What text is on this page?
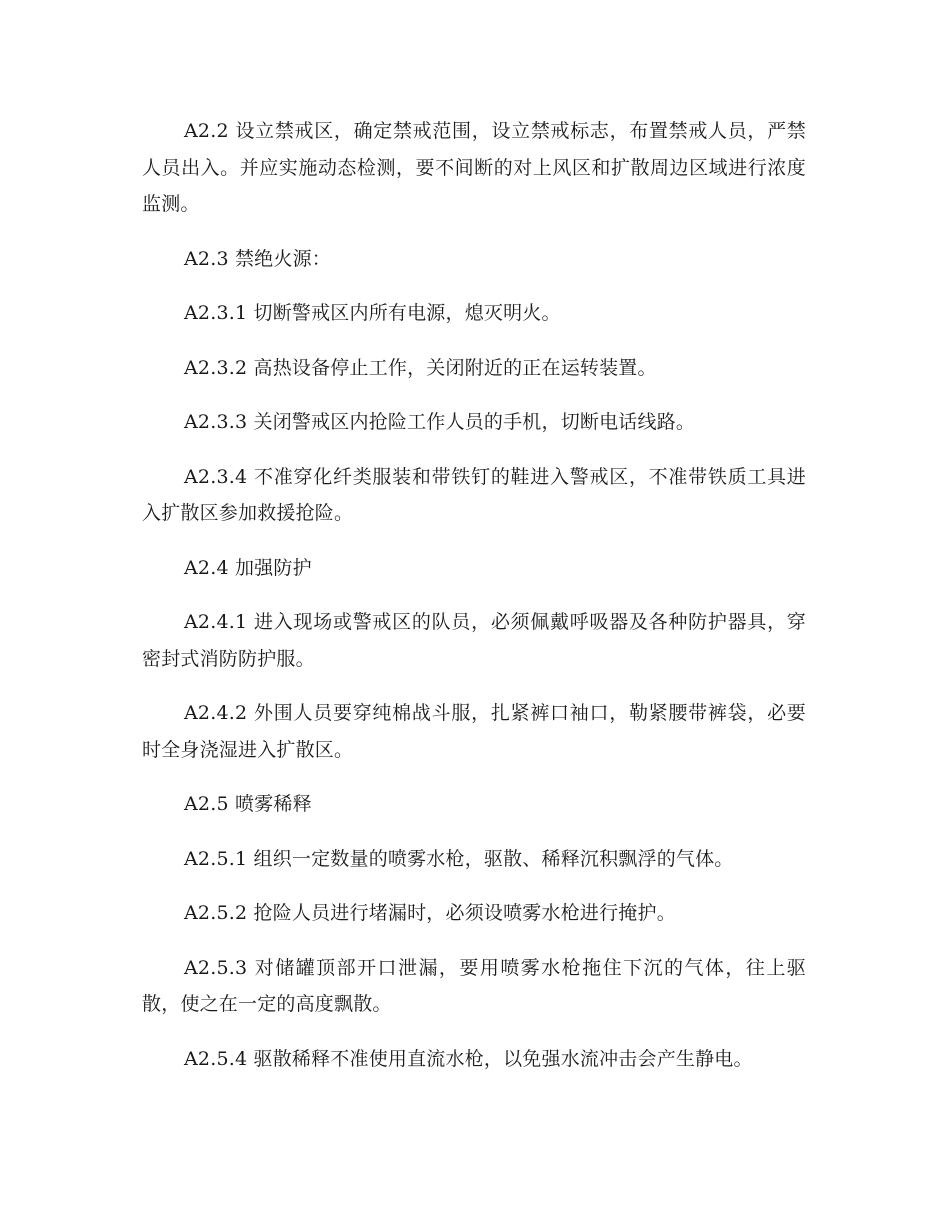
A2.2 设立禁戒区，确定禁戒范围，设立禁戒标志，布置禁戒人员，严禁人员出入。并应实施动态检测，要不间断的对上风区和扩散周边区域进行浓度监测。

A2.3 禁绝火源：

A2.3.1 切断警戒区内所有电源，熄灭明火。

A2.3.2 高热设备停止工作，关闭附近的正在运转装置。

A2.3.3 关闭警戒区内抢险工作人员的手机，切断电话线路。

A2.3.4 不准穿化纤类服装和带铁钉的鞋进入警戒区，不准带铁质工具进入扩散区参加救援抢险。

A2.4 加强防护

A2.4.1 进入现场或警戒区的队员，必须佩戴呼吸器及各种防护器具，穿密封式消防防护服。

A2.4.2 外围人员要穿纯棉战斗服，扎紧裤口袖口，勒紧腰带裤袋，必要时全身浇湿进入扩散区。

A2.5 喷雾稀释

A2.5.1 组织一定数量的喷雾水枪，驱散、稀释沉积飘浮的气体。

A2.5.2 抢险人员进行堵漏时，必须设喷雾水枪进行掩护。

A2.5.3 对储罐顶部开口泄漏，要用喷雾水枪拖住下沉的气体，往上驱散，使之在一定的高度飘散。

A2.5.4 驱散稀释不准使用直流水枪，以免强水流冲击会产生静电。
